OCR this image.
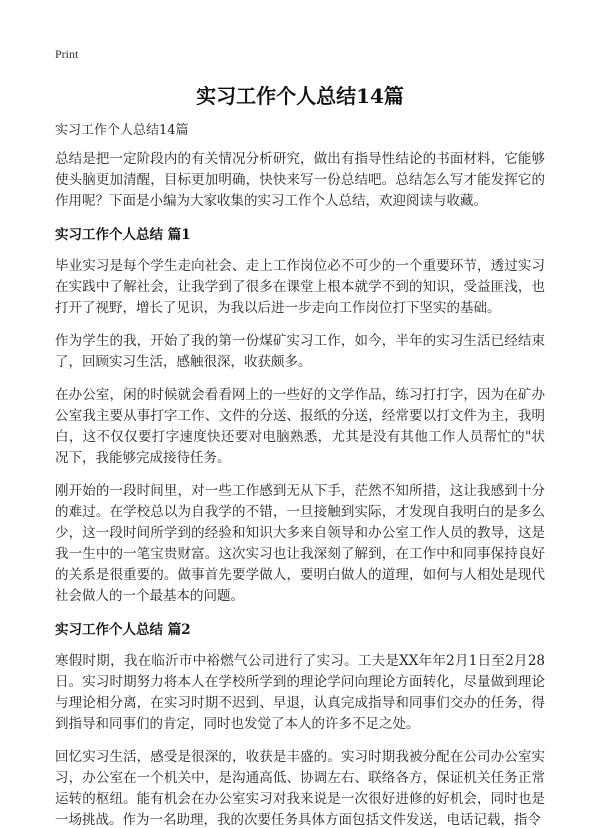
Print
实习工作个人总结14篇

实习工作个人总结14篇

总结是把一定阶段内的有关情况分析研究，做出有指导性结论的书面材料，它能够使头脑更加清醒，目标更加明确，快快来写一份总结吧。总结怎么写才能发挥它的作用呢？下面是小编为大家收集的实习工作个人总结，欢迎阅读与收藏。

实习工作个人总结 篇1

毕业实习是每个学生走向社会、走上工作岗位必不可少的一个重要环节，透过实习在实践中了解社会，让我学到了很多在课堂上根本就学不到的知识，受益匪浅，也打开了视野，增长了见识，为我以后进一步走向工作岗位打下坚实的基础。

作为学生的我，开始了我的第一份煤矿实习工作，如今，半年的实习生活已经结束了，回顾实习生活，感触很深，收获颇多。

在办公室，闲的时候就会看看网上的一些好的文学作品，练习打打字，因为在矿办公室我主要从事打字工作、文件的分送、报纸的分送，经常要以打文件为主，我明白，这不仅仅要打字速度快还要对电脑熟悉，尤其是没有其他工作人员帮忙的"状况下，我能够完成接待任务。

刚开始的一段时间里，对一些工作感到无从下手，茫然不知所措，这让我感到十分的难过。在学校总以为自我学的不错，一旦接触到实际，才发现自我明白的是多么少，这一段时间所学到的经验和知识大多来自领导和办公室工作人员的教导，这是我一生中的一笔宝贵财富。这次实习也让我深刻了解到，在工作中和同事保持良好的关系是很重要的。做事首先要学做人，要明白做人的道理，如何与人相处是现代社会做人的一个最基本的问题。

实习工作个人总结 篇2

寒假时期，我在临沂市中裕燃气公司进行了实习。工夫是XX年年2月1日至2月28日。实习时期努力将本人在学校所学到的理论学问向理论方面转化，尽量做到理论与理论相分离，在实习时期不迟到、早退，认真完成指导和同事们交办的任务，得到指导和同事们的肯定，同时也发觉了本人的许多不足之处。

回忆实习生活，感受是很深的，收获是丰盛的。实习时期我被分配在公司办公室实习，办公室在一个机关中，是沟通高低、协调左右、联络各方，保证机关任务正常运转的枢纽。能有机会在办公室实习对我来说是一次很好进修的好机会，同时也是一场挑战。作为一名助理，我的次要任务具体方面包括文件发送，电话记载，指令
